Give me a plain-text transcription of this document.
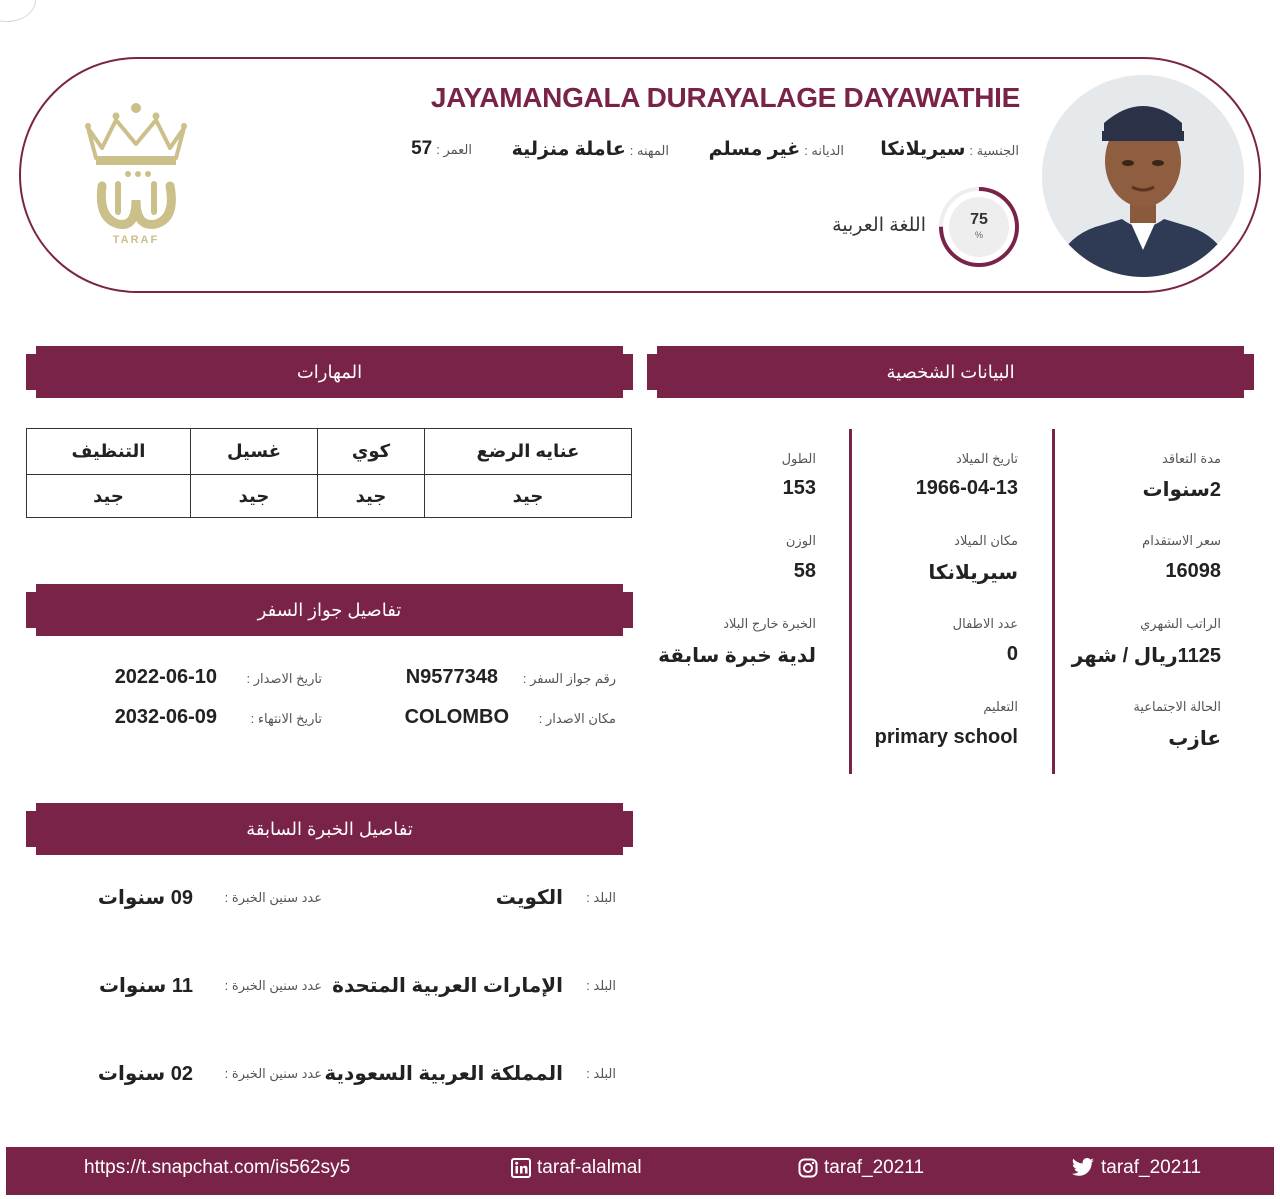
TARAF
JAYAMANGALA DURAYALAGE DAYAWATHIE
الجنسية :
سيريلانكا
الديانه :
غير مسلم
المهنه :
عاملة منزلية
العمر :
57
75
%
اللغة العربية
البيانات الشخصية
المهارات
تفاصيل جواز السفر
تفاصيل الخبرة السابقة
مدة التعاقد
2سنوات
سعر الاستقدام
16098
الراتب الشهري
1125ريال / شهر
الحالة الاجتماعية
عازب
تاريخ الميلاد
1966-04-13
مكان الميلاد
سيريلانكا
عدد الاطفال
0
التعليم
primary school
الطول
153
الوزن
58
الخبرة خارج البلاد
لدية خبرة سابقة
التنظيف	غسيل	كوي	عنايه الرضع
جيد	جيد	جيد	جيد
رقم جواز السفر :
N9577348
تاريخ الاصدار :
2022-06-10
مكان الاصدار :
COLOMBO
تاريخ الانتهاء :
2032-06-09
البلد :
الكويت
عدد سنين الخبرة :
09 سنوات
البلد :
الإمارات العربية المتحدة
عدد سنين الخبرة :
11 سنوات
البلد :
المملكة العربية السعودية
عدد سنين الخبرة :
02 سنوات
https://t.snapchat.com/is562sy5	taraf-alalmal	taraf_20211	taraf_20211
